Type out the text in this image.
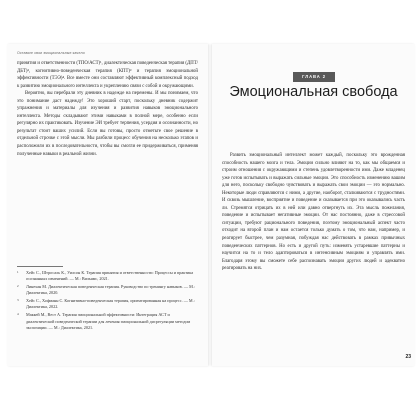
Оставьте свои эмоциональные качели

принятия и ответственности (ТПО/АСТ)¹, диалектическая поведенческая терапия (ДПТ/ДБТ)², когнитивно-поведенческая терапия (КПТ)³ и терапия эмоциональной эффективности (ТЭЭ)⁴. Все вместе они составляют эффективный комплексный подход к развитию эмоционального интеллекта и укреплению связи с собой и окружающими.

Вероятно, вы перебрали эту дневник в надежде на перемены. И мы понимаем, что это понимание даст надежду! Это хороший старт, поскольку дневник содержит упражнения и материалы для изучения и развития навыков эмоционального интеллекта. Методы складывают этими навыками в полной мере, особенно если регулярно их практиковать. Изучение ЭИ требует терпения, усердия и осознанности, но результат стоит ваших усилий. Если вы готовы, просто отметьте свое решение в отдельной строчке с этой мысли. Мы разбили процесс обучения на несколько этапов и расположили их в последовательности, чтобы вы смогли ее придерживаться, применяя полученные навыки в реальной жизни.

1	Хейс С., Штросаль К., Уилсон К. Терапия принятия и ответственности: Процессы и практика осознанных изменений. — М.: Вильямс, 2021.
2	Линехан М. Диалектическая поведенческая терапия. Руководство по тренингу навыков. — М.: Диалектика, 2020.
3	Хейс С., Хофманн С. Когнитивно-поведенческая терапия, ориентированная на процесс. — М.: Диалектика, 2022.
4	Маккей М., Вест А. Терапия эмоциональной эффективности: Интеграция АСТ и диалектической поведенческой терапии для лечения эмоциональной дисрегуляции методом экспозиции. — М.: Диалектика, 2021.
ГЛАВА 2
Эмоциональная свобода

Развить эмоциональный интеллект может каждый, поскольку это врожденная способность нашего мозга и тела. Эмоции сильно влияют на то, как мы общаемся и строим отношения с окружающими и степень удовлетворенности ими. Даже младенец уже готов испытывать и выражать сильные эмоции. Это способность изменению вашим для него, поскольку свободно чувствовать и выражать свои эмоции — это нормально. Некоторые люди справляются с ними, а другие, наоборот, сталкиваются с трудностями. И сквозь мышление, восприятие и поведение и сказывается при это оказывались часть ли. Стремятся отрицать их в ней или давно отвергнуть их. Эта мысль пожелания, поведение и испытывает негативные эмоции. От нас постоянно, даже в стрессовой ситуации, требуют рационального поведения, поэтому эмоциональный аспект часто отходит на второй план и нам остается только думать о том, что нам, например, и реагирует быстрее, чем разумная, побуждая нас действовать в рамках привычных поведенческих паттернов. Но есть и другой путь: изменять устаревшие паттерны и научится на то и тело адаптироваться в интенсивным эмоциям и управлять ими. Благодаря этому вы сможете себе распознавать эмоции других людей и адекватно реагировать на них.

23
